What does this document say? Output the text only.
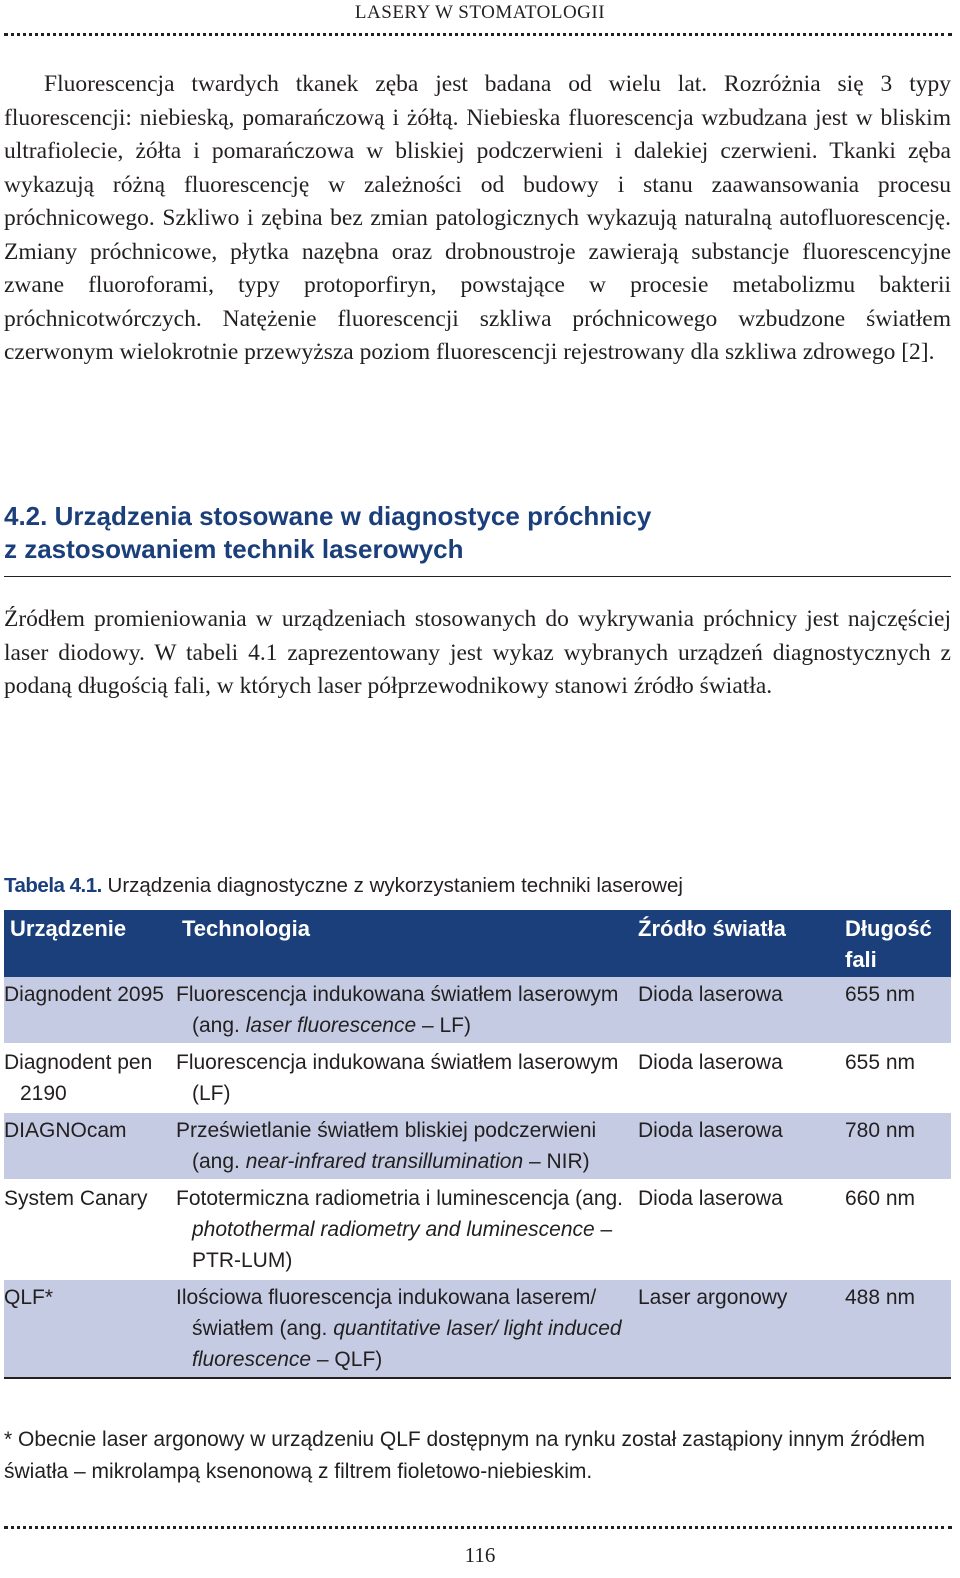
LASERY W STOMATOLOGII

Fluorescencja twardych tkanek zęba jest badana od wielu lat. Rozróżnia się 3 typy fluorescencji: niebieską, pomarańczową i żółtą. Niebieska fluorescencja wzbudzana jest w bliskim ultrafiolecie, żółta i pomarańczowa w bliskiej podczerwieni i dalekiej czerwieni. Tkanki zęba wykazują różną fluorescencję w zależności od budowy i stanu zaawansowania procesu próchnicowego. Szkliwo i zębina bez zmian patologicznych wykazują naturalną autofluorescencję. Zmiany próchnicowe, płytka nazębna oraz drobnoustroje zawierają substancje fluorescencyjne zwane fluoroforami, typy protoporfiryn, powstające w procesie metabolizmu bakterii próchnicotwórczych. Natężenie fluorescencji szkliwa próchnicowego wzbudzone światłem czerwonym wielokrotnie przewyższa poziom fluorescencji rejestrowany dla szkliwa zdrowego [2].

4.2. Urządzenia stosowane w diagnostyce próchnicy
z zastosowaniem technik laserowych

Źródłem promieniowania w urządzeniach stosowanych do wykrywania próchnicy jest najczęściej laser diodowy. W tabeli 4.1 zaprezentowany jest wykaz wybranych urządzeń diagnostycznych z podaną długością fali, w których laser półprzewodnikowy stanowi źródło światła.

Tabela 4.1. Urządzenia diagnostyczne z wykorzystaniem techniki laserowej
Urządzenie	Technologia	Źródło światła	Długość fali
Diagnodent 2095	Fluorescencja indukowana światłem laserowym (ang. laser fluorescence – LF)	Dioda laserowa	655 nm
Diagnodent pen 2190	Fluorescencja indukowana światłem laserowym (LF)	Dioda laserowa	655 nm
DIAGNOcam	Prześwietlanie światłem bliskiej podczerwieni (ang. near-infrared transillumination – NIR)	Dioda laserowa	780 nm
System Canary	Fototermiczna radiometria i luminescencja (ang. photothermal radiometry and luminescence – PTR-LUM)	Dioda laserowa	660 nm
QLF*	Ilościowa fluorescencja indukowana laserem/światłem (ang. quantitative laser/ light induced fluorescence – QLF)	Laser argonowy	488 nm

* Obecnie laser argonowy w urządzeniu QLF dostępnym na rynku został zastąpiony innym źródłem światła – mikrolampą ksenonową z filtrem fioletowo-niebieskim.

116
